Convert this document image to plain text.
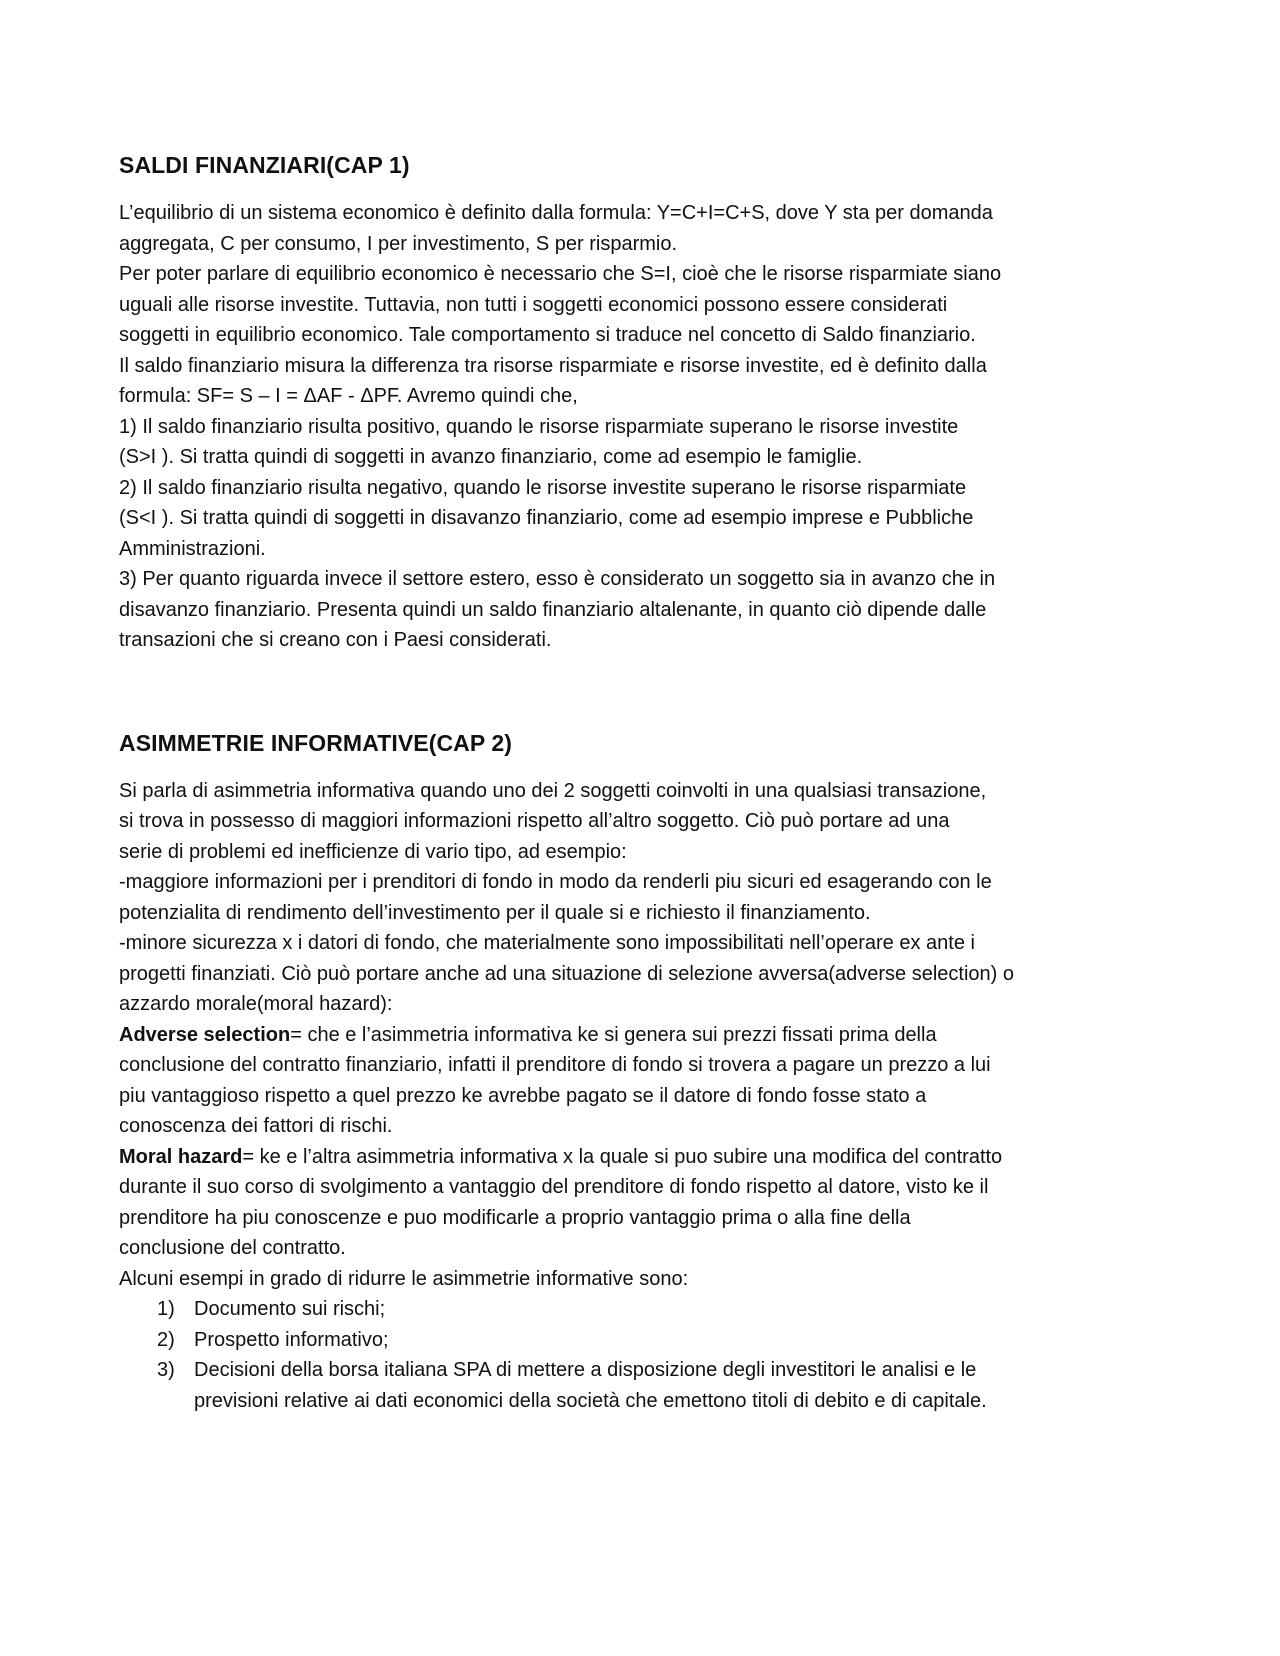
SALDI FINANZIARI(CAP 1)

L’equilibrio di un sistema economico è definito dalla formula: Y=C+I=C+S, dove Y sta per domanda

aggregata, C per consumo, I per investimento, S per risparmio.

Per poter parlare di equilibrio economico è necessario che S=I, cioè che le risorse risparmiate siano

uguali alle risorse investite. Tuttavia, non tutti i soggetti economici possono essere considerati

soggetti in equilibrio economico. Tale comportamento si traduce nel concetto di Saldo finanziario.

Il saldo finanziario misura la differenza tra risorse risparmiate e risorse investite, ed è definito dalla

formula: SF= S – I = ΔAF - ΔPF. Avremo quindi che,

1) Il saldo finanziario risulta positivo, quando le risorse risparmiate superano le risorse investite

(S>I ). Si tratta quindi di soggetti in avanzo finanziario, come ad esempio le famiglie.

2) Il saldo finanziario risulta negativo, quando le risorse investite superano le risorse risparmiate

(S<I ). Si tratta quindi di soggetti in disavanzo finanziario, come ad esempio imprese e Pubbliche

Amministrazioni.

3) Per quanto riguarda invece il settore estero, esso è considerato un soggetto sia in avanzo che in

disavanzo finanziario. Presenta quindi un saldo finanziario altalenante, in quanto ciò dipende dalle

transazioni che si creano con i Paesi considerati.

ASIMMETRIE INFORMATIVE(CAP 2)

Si parla di asimmetria informativa quando uno dei 2 soggetti coinvolti in una qualsiasi transazione,

si trova in possesso di maggiori informazioni rispetto all’altro soggetto. Ciò può portare ad una

serie di problemi ed inefficienze di vario tipo, ad esempio:

-maggiore informazioni per i prenditori di fondo in modo da renderli piu sicuri ed esagerando con le

potenzialita di rendimento dell’investimento per il quale si e richiesto il finanziamento.

-minore sicurezza x i datori di fondo, che materialmente sono impossibilitati nell’operare ex ante i

progetti finanziati. Ciò può portare anche ad una situazione di selezione avversa(adverse selection) o

azzardo morale(moral hazard):

Adverse selection= che e l’asimmetria informativa ke si genera sui prezzi fissati prima della

conclusione del contratto finanziario, infatti il prenditore di fondo si trovera a pagare un prezzo a lui

piu vantaggioso rispetto a quel prezzo ke avrebbe pagato se il datore di fondo fosse stato a

conoscenza dei fattori di rischi.

Moral hazard= ke e l’altra asimmetria informativa x la quale si puo subire una modifica del contratto

durante il suo corso di svolgimento a vantaggio del prenditore di fondo rispetto al datore, visto ke il

prenditore ha piu conoscenze e puo modificarle a proprio vantaggio prima o alla fine della

conclusione del contratto.

Alcuni esempi in grado di ridurre le asimmetrie informative sono:

1) Documento sui rischi;
2) Prospetto informativo;
3) Decisioni della borsa italiana SPA di mettere a disposizione degli investitori le analisi e le
previsioni relative ai dati economici della società che emettono titoli di debito e di capitale.
